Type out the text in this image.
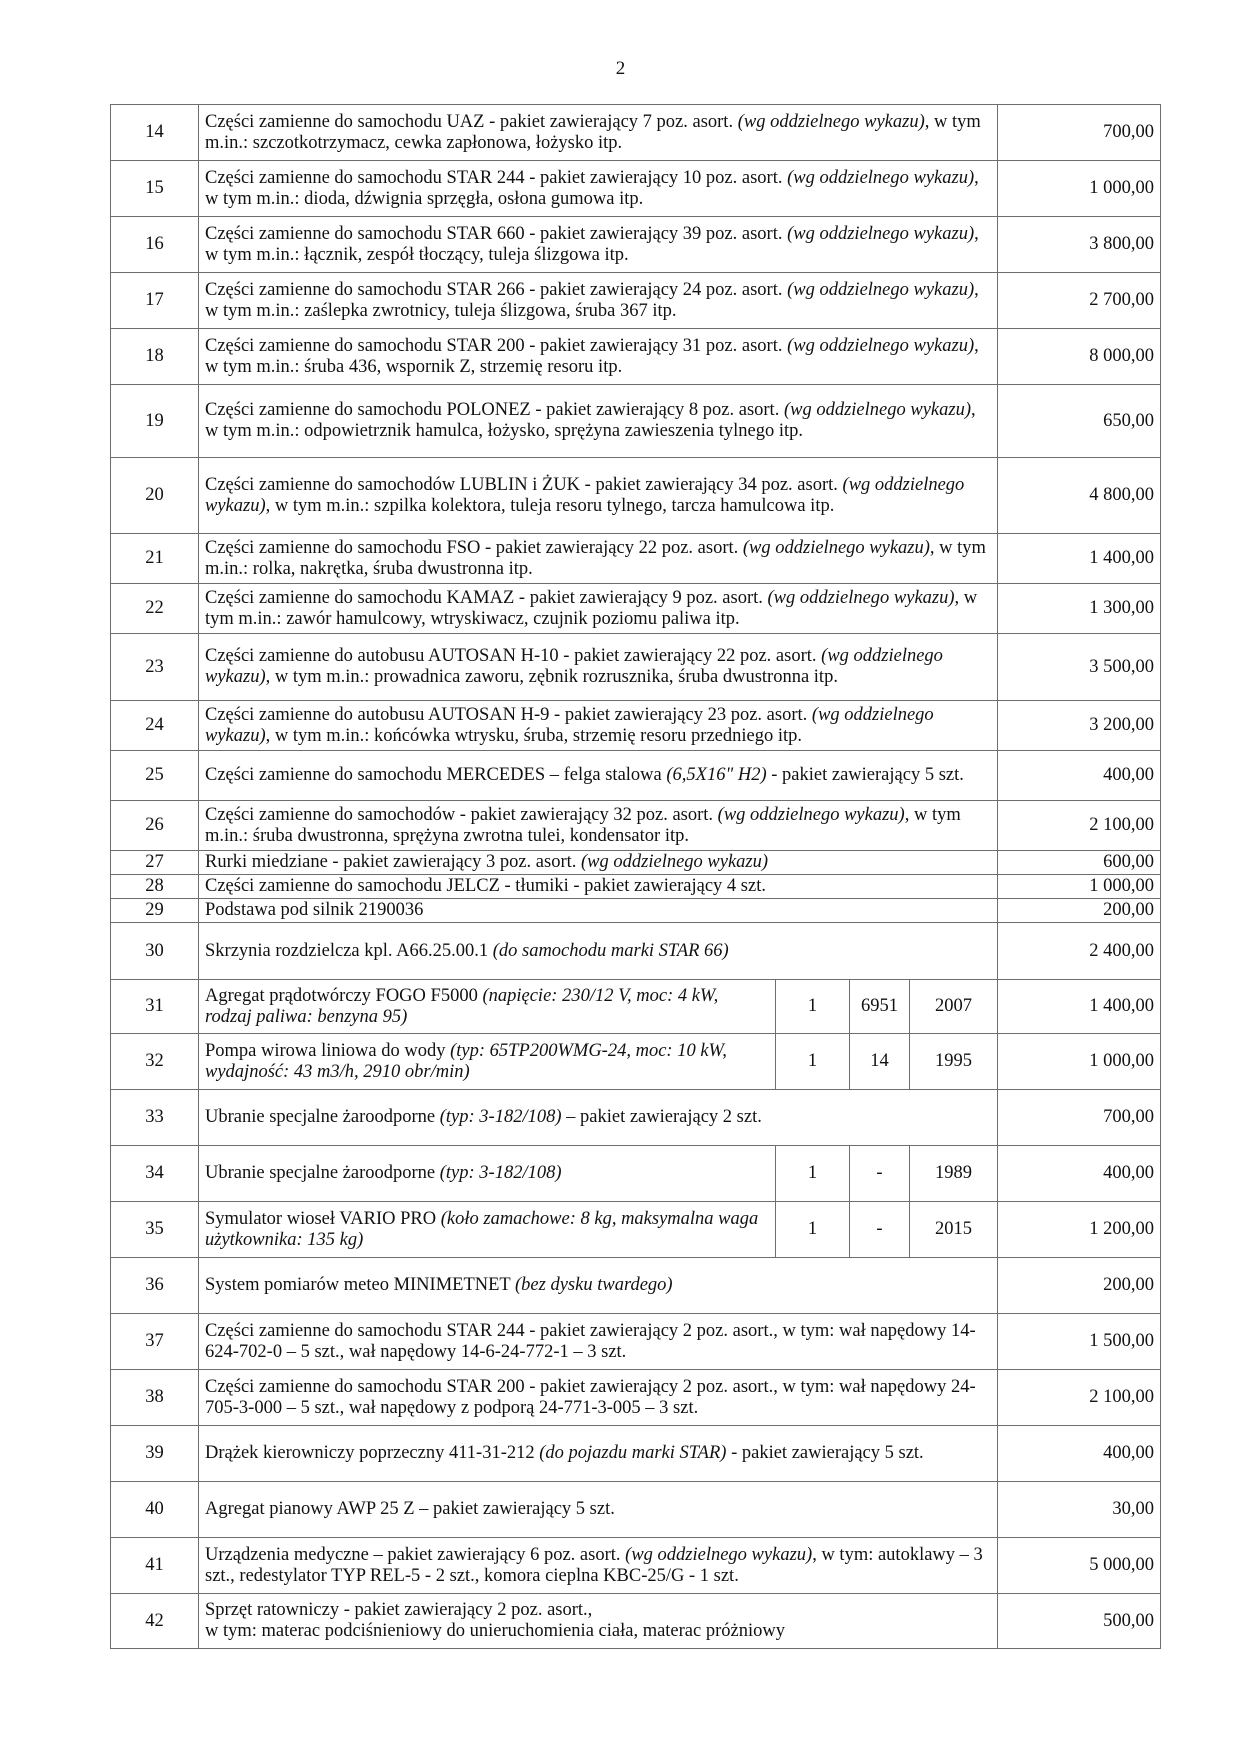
2
14	Części zamienne do samochodu UAZ - pakiet zawierający 7 poz. asort. (wg oddzielnego wykazu), w tym m.in.: szczotkotrzymacz, cewka zapłonowa, łożysko itp.				700,00
15	Części zamienne do samochodu STAR 244 - pakiet zawierający 10 poz. asort. (wg oddzielnego wykazu), w tym m.in.: dioda, dźwignia sprzęgła, osłona gumowa itp.				1 000,00
16	Części zamienne do samochodu STAR 660 - pakiet zawierający 39 poz. asort. (wg oddzielnego wykazu), w tym m.in.: łącznik, zespół tłoczący, tuleja ślizgowa itp.				3 800,00
17	Części zamienne do samochodu STAR 266 - pakiet zawierający 24 poz. asort. (wg oddzielnego wykazu), w tym m.in.: zaślepka zwrotnicy, tuleja ślizgowa, śruba 367 itp.				2 700,00
18	Części zamienne do samochodu STAR 200 - pakiet zawierający 31 poz. asort. (wg oddzielnego wykazu), w tym m.in.: śruba 436, wspornik Z, strzemię resoru itp.				8 000,00
19	Części zamienne do samochodu POLONEZ - pakiet zawierający 8 poz. asort. (wg oddzielnego wykazu), w tym m.in.: odpowietrznik hamulca, łożysko, sprężyna zawieszenia tylnego itp.				650,00
20	Części zamienne do samochodów LUBLIN i ŻUK - pakiet zawierający 34 poz. asort. (wg oddzielnego wykazu), w tym m.in.: szpilka kolektora, tuleja resoru tylnego, tarcza hamulcowa itp.				4 800,00
21	Części zamienne do samochodu FSO - pakiet zawierający 22 poz. asort. (wg oddzielnego wykazu), w tym m.in.: rolka, nakrętka, śruba dwustronna itp.				1 400,00
22	Części zamienne do samochodu KAMAZ - pakiet zawierający 9 poz. asort. (wg oddzielnego wykazu), w tym m.in.: zawór hamulcowy, wtryskiwacz, czujnik poziomu paliwa itp.				1 300,00
23	Części zamienne do autobusu AUTOSAN H-10 - pakiet zawierający 22 poz. asort. (wg oddzielnego wykazu), w tym m.in.: prowadnica zaworu, zębnik rozrusznika, śruba dwustronna itp.				3 500,00
24	Części zamienne do autobusu AUTOSAN H-9 - pakiet zawierający 23 poz. asort. (wg oddzielnego wykazu), w tym m.in.: końcówka wtrysku, śruba, strzemię resoru przedniego itp.				3 200,00
25	Części zamienne do samochodu MERCEDES – felga stalowa (6,5X16" H2) - pakiet zawierający 5 szt.				400,00
26	Części zamienne do samochodów - pakiet zawierający 32 poz. asort. (wg oddzielnego wykazu), w tym m.in.: śruba dwustronna, sprężyna zwrotna tulei, kondensator itp.				2 100,00
27	Rurki miedziane - pakiet zawierający 3 poz. asort. (wg oddzielnego wykazu)				600,00
28	Części zamienne do samochodu JELCZ - tłumiki - pakiet zawierający 4 szt.				1 000,00
29	Podstawa pod silnik 2190036				200,00
30	Skrzynia rozdzielcza kpl. A66.25.00.1 (do samochodu marki STAR 66)				2 400,00
31	Agregat prądotwórczy FOGO F5000 (napięcie: 230/12 V, moc: 4 kW, rodzaj paliwa: benzyna 95)	1	6951	2007	1 400,00
32	Pompa wirowa liniowa do wody (typ: 65TP200WMG-24, moc: 10 kW, wydajność: 43 m3/h, 2910 obr/min)	1	14	1995	1 000,00
33	Ubranie specjalne żaroodporne (typ: 3-182/108) – pakiet zawierający 2 szt.				700,00
34	Ubranie specjalne żaroodporne (typ: 3-182/108)	1	-	1989	400,00
35	Symulator wioseł VARIO PRO (koło zamachowe: 8 kg, maksymalna waga użytkownika: 135 kg)	1	-	2015	1 200,00
36	System pomiarów meteo MINIMETNET (bez dysku twardego)				200,00
37	Części zamienne do samochodu STAR 244 - pakiet zawierający 2 poz. asort., w tym: wał napędowy 14-624-702-0 – 5 szt., wał napędowy 14-6-24-772-1 – 3 szt.				1 500,00
38	Części zamienne do samochodu STAR 200 - pakiet zawierający 2 poz. asort., w tym: wał napędowy 24-705-3-000 – 5 szt., wał napędowy z podporą 24-771-3-005 – 3 szt.				2 100,00
39	Drążek kierowniczy poprzeczny 411-31-212 (do pojazdu marki STAR) - pakiet zawierający 5 szt.				400,00
40	Agregat pianowy AWP 25 Z – pakiet zawierający 5 szt.				30,00
41	Urządzenia medyczne – pakiet zawierający 6 poz. asort. (wg oddzielnego wykazu), w tym: autoklawy – 3 szt., redestylator TYP REL-5 - 2 szt., komora cieplna KBC-25/G - 1 szt.				5 000,00
42	Sprzęt ratowniczy - pakiet zawierający 2 poz. asort.,
w tym: materac podciśnieniowy do unieruchomienia ciała, materac próżniowy				500,00
